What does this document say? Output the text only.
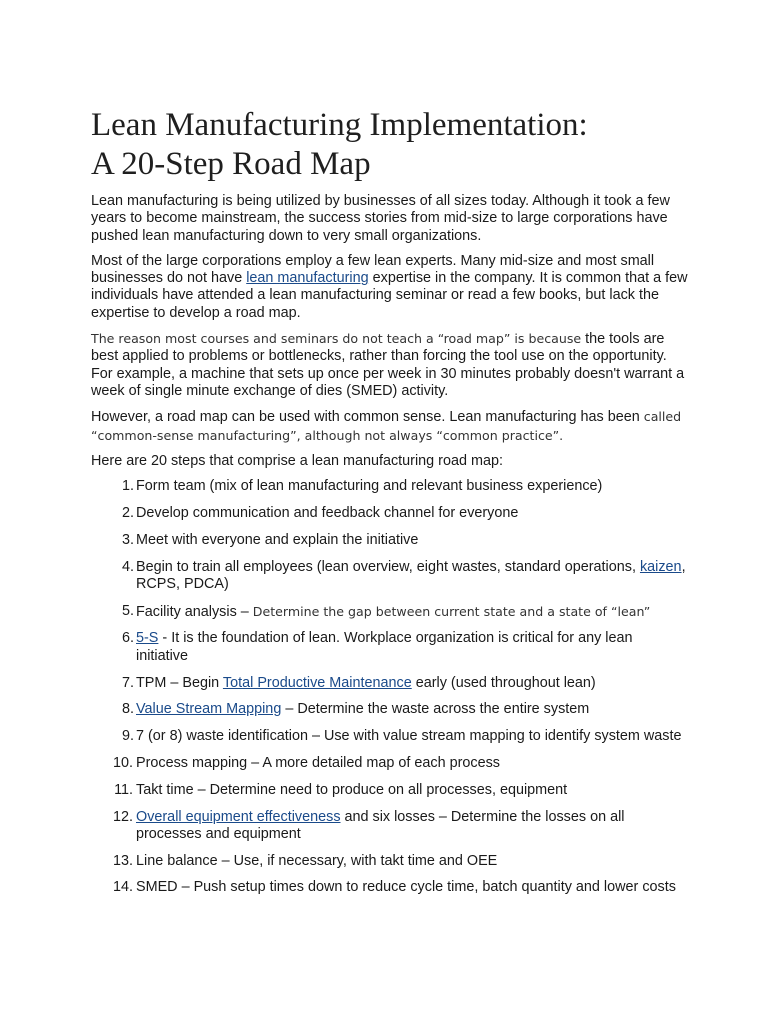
Lean Manufacturing Implementation:
A 20-Step Road Map

Lean manufacturing is being utilized by businesses of all sizes today. Although it took a few years to become mainstream, the success stories from mid-size to large corporations have pushed lean manufacturing down to very small organizations.

Most of the large corporations employ a few lean experts. Many mid-size and most small businesses do not have lean manufacturing expertise in the company. It is common that a few individuals have attended a lean manufacturing seminar or read a few books, but lack the expertise to develop a road map.

The reason most courses and seminars do not teach a “road map” is because the tools are best applied to problems or bottlenecks, rather than forcing the tool use on the opportunity. For example, a machine that sets up once per week in 30 minutes probably doesn't warrant a week of single minute exchange of dies (SMED) activity.

However, a road map can be used with common sense. Lean manufacturing has been called “common-sense manufacturing”, although not always “common practice”.

Here are 20 steps that comprise a lean manufacturing road map:

1. Form team (mix of lean manufacturing and relevant business experience)
2. Develop communication and feedback channel for everyone
3. Meet with everyone and explain the initiative
4. Begin to train all employees (lean overview, eight wastes, standard operations, kaizen, RCPS, PDCA)
5. Facility analysis – Determine the gap between current state and a state of “lean”
6. 5-S - It is the foundation of lean. Workplace organization is critical for any lean initiative
7. TPM – Begin Total Productive Maintenance early (used throughout lean)
8. Value Stream Mapping – Determine the waste across the entire system
9. 7 (or 8) waste identification – Use with value stream mapping to identify system waste
10. Process mapping – A more detailed map of each process
11. Takt time – Determine need to produce on all processes, equipment
12. Overall equipment effectiveness and six losses – Determine the losses on all processes and equipment
13. Line balance – Use, if necessary, with takt time and OEE
14. SMED – Push setup times down to reduce cycle time, batch quantity and lower costs
